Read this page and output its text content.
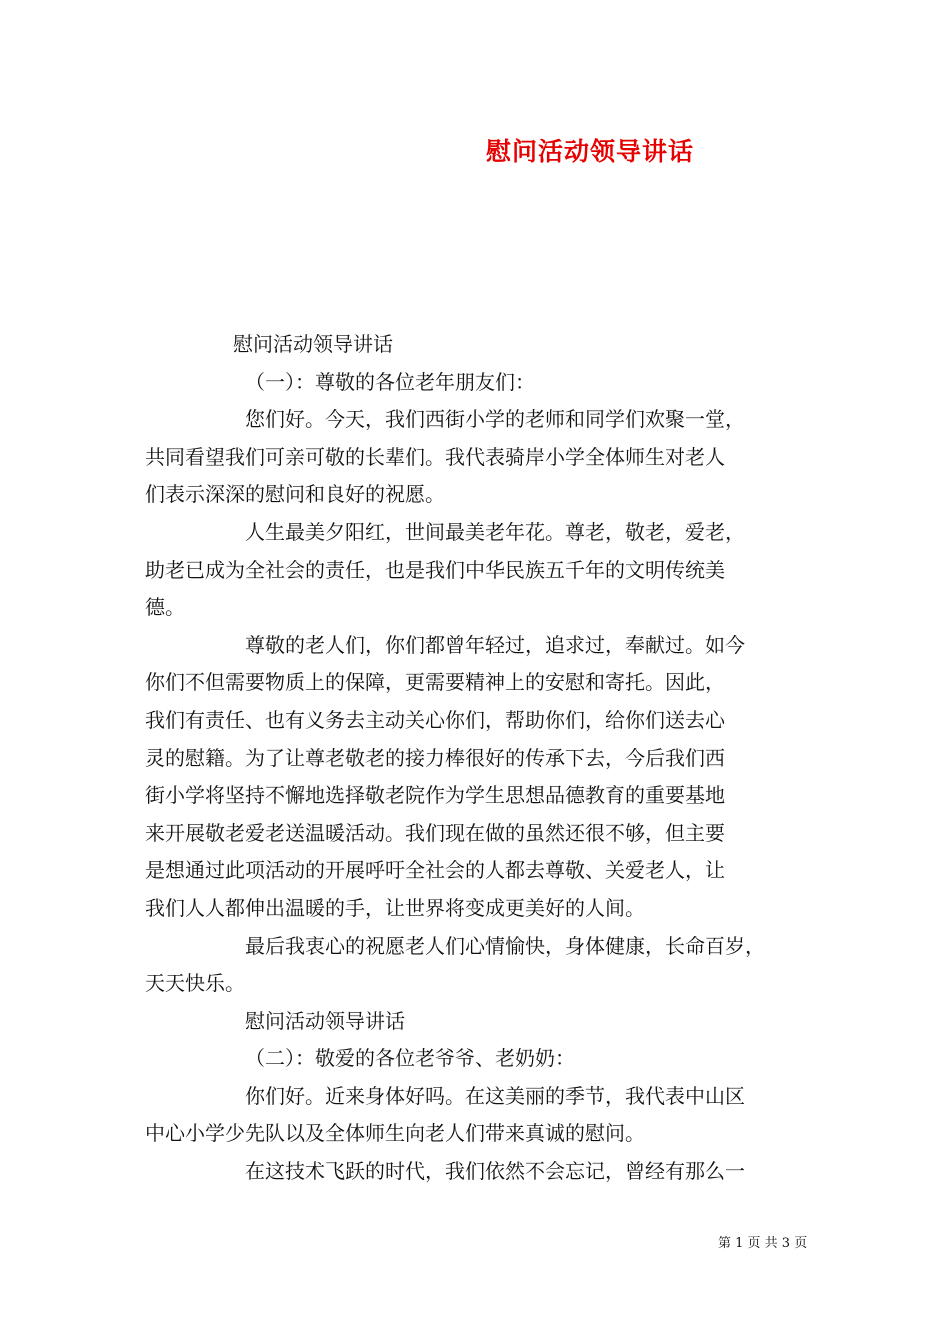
慰问活动领导讲话
慰问活动领导讲话
（一）：尊敬的各位老年朋友们：
您们好。今天，我们西街小学的老师和同学们欢聚一堂，
共同看望我们可亲可敬的长辈们。我代表骑岸小学全体师生对老人
们表示深深的慰问和良好的祝愿。
人生最美夕阳红，世间最美老年花。尊老，敬老，爱老，
助老已成为全社会的责任，也是我们中华民族五千年的文明传统美
德。
尊敬的老人们，你们都曾年轻过，追求过，奉献过。如今
你们不但需要物质上的保障，更需要精神上的安慰和寄托。因此，
我们有责任、也有义务去主动关心你们，帮助你们，给你们送去心
灵的慰籍。为了让尊老敬老的接力棒很好的传承下去，今后我们西
街小学将坚持不懈地选择敬老院作为学生思想品德教育的重要基地
来开展敬老爱老送温暖活动。我们现在做的虽然还很不够，但主要
是想通过此项活动的开展呼吁全社会的人都去尊敬、关爱老人，让
我们人人都伸出温暖的手，让世界将变成更美好的人间。
最后我衷心的祝愿老人们心情愉快，身体健康，长命百岁，
天天快乐。
慰问活动领导讲话
（二）：敬爱的各位老爷爷、老奶奶：
你们好。近来身体好吗。在这美丽的季节，我代表中山区
中心小学少先队以及全体师生向老人们带来真诚的慰问。
在这技术飞跃的时代，我们依然不会忘记，曾经有那么一
第 1 页 共 3 页
